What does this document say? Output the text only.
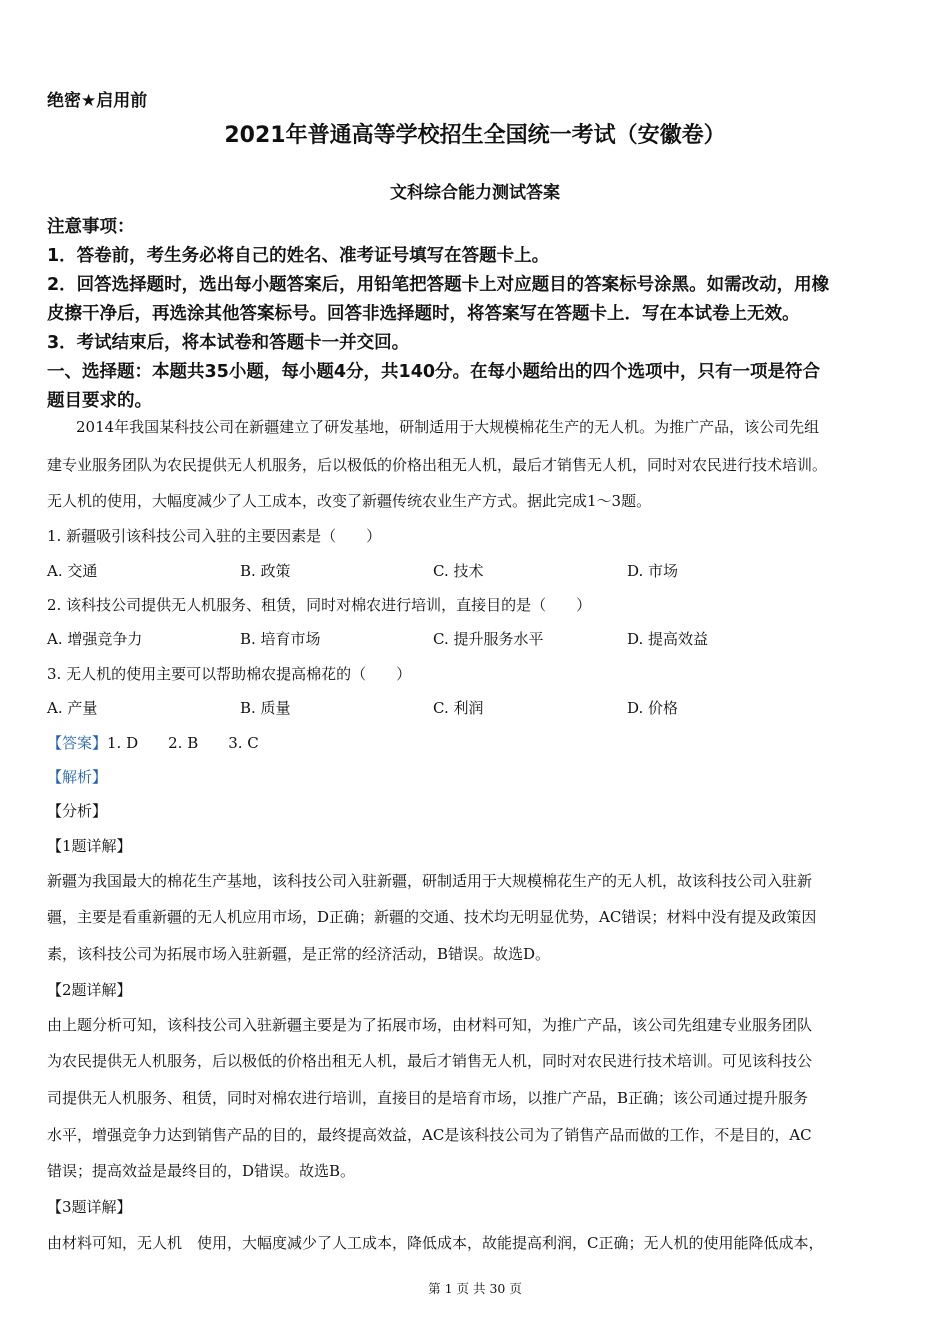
绝密★启用前
2021年普通高等学校招生全国统一考试（安徽卷）
文科综合能力测试答案
注意事项：
1．答卷前，考生务必将自己的姓名、准考证号填写在答题卡上。
2．回答选择题时，选出每小题答案后，用铅笔把答题卡上对应题目的答案标号涂黑。如需改动，用橡
皮擦干净后，再选涂其他答案标号。回答非选择题时，将答案写在答题卡上．写在本试卷上无效。
3．考试结束后，将本试卷和答题卡一并交回。
一、选择题：本题共35小题，每小题4分，共140分。在每小题给出的四个选项中，只有一项是符合
题目要求的。
2014年我国某科技公司在新疆建立了研发基地，研制适用于大规模棉花生产的无人机。为推广产品，该公司先组
建专业服务团队为农民提供无人机服务，后以极低的价格出租无人机，最后才销售无人机，同时对农民进行技术培训。
无人机的使用，大幅度减少了人工成本，改变了新疆传统农业生产方式。据此完成1～3题。
1. 新疆吸引该科技公司入驻的主要因素是（　　）
A. 交通	B. 政策	C. 技术	D. 市场
2. 该科技公司提供无人机服务、租赁，同时对棉农进行培训，直接目的是（　　）
A. 增强竞争力	B. 培育市场	C. 提升服务水平	D. 提高效益
3. 无人机的使用主要可以帮助棉农提高棉花的（　　）
A. 产量	B. 质量	C. 利润	D. 价格
【答案】1. D　　2. B　　3. C
【解析】
【分析】
【1题详解】
新疆为我国最大的棉花生产基地，该科技公司入驻新疆，研制适用于大规模棉花生产的无人机，故该科技公司入驻新
疆，主要是看重新疆的无人机应用市场，D正确；新疆的交通、技术均无明显优势，AC错误；材料中没有提及政策因
素，该科技公司为拓展市场入驻新疆，是正常的经济活动，B错误。故选D。
【2题详解】
由上题分析可知，该科技公司入驻新疆主要是为了拓展市场，由材料可知，为推广产品，该公司先组建专业服务团队
为农民提供无人机服务，后以极低的价格出租无人机，最后才销售无人机，同时对农民进行技术培训。可见该科技公
司提供无人机服务、租赁，同时对棉农进行培训，直接目的是培育市场，以推广产品，B正确；该公司通过提升服务
水平，增强竞争力达到销售产品的目的，最终提高效益，AC是该科技公司为了销售产品而做的工作，不是目的，AC
错误；提高效益是最终目的，D错误。故选B。
【3题详解】
由材料可知，无人机　使用，大幅度减少了人工成本，降低成本，故能提高利润，C正确；无人机的使用能降低成本，
第 1 页 共 30 页
